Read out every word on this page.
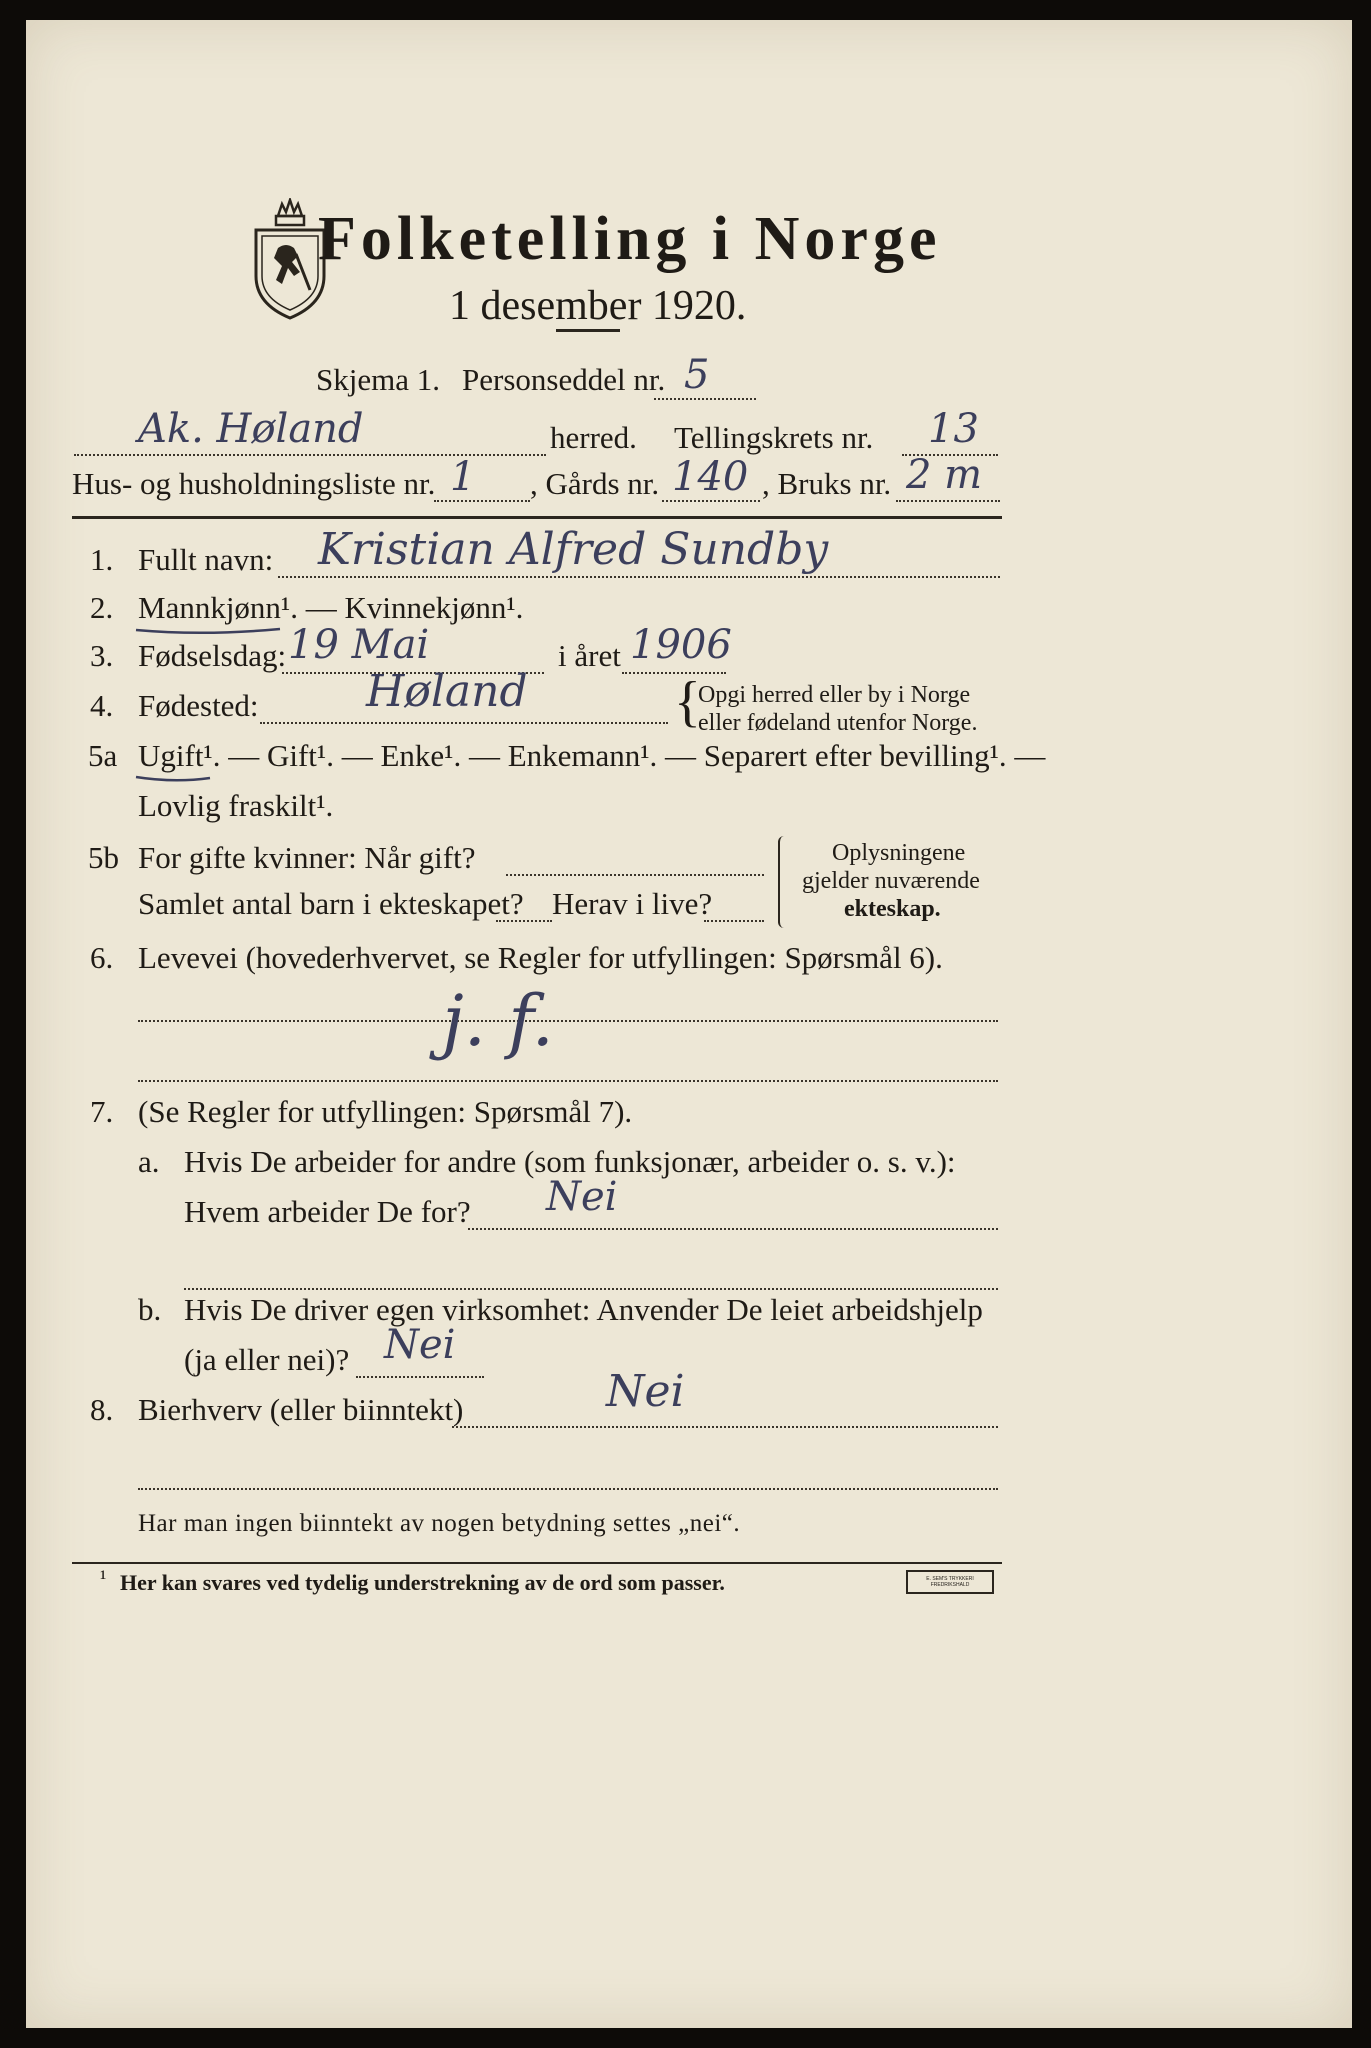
Folketelling i Norge
1 desember 1920.
Skjema 1. Personseddel nr. 5
Ak. Høland	herred. Tellingskrets nr. 13
Hus- og husholdningsliste nr. 1 , Gårds nr. 140 , Bruks nr. 2 m
1. Fullt navn: Kristian Alfred Sundby
2. Mannkjønn¹. — Kvinnekjønn¹.
3. Fødselsdag: 19 Mai	i året 1906
4. Fødested: Høland	{
Opgi herred eller by i Norge
eller fødeland utenfor Norge.
5a Ugift¹. — Gift¹. — Enke¹. — Enkemann¹. — Separert efter bevilling¹. —
Lovlig fraskilt¹.
5b For gifte kvinner: Når gift?
Samlet antal barn i ekteskapet? Herav i live?
Oplysningene
gjelder nuværende
ekteskap.
6. Levevei (hovederhvervet, se Regler for utfyllingen: Spørsmål 6).
j. f.
7. (Se Regler for utfyllingen: Spørsmål 7).
a. Hvis De arbeider for andre (som funksjonær, arbeider o. s. v.):
Hvem arbeider De for? Nei
b. Hvis De driver egen virksomhet: Anvender De leiet arbeidshjelp
(ja eller nei)? Nei
8. Bierhverv (eller biinntekt)	Nei
Har man ingen biinntekt av nogen betydning settes „nei“.
¹ Her kan svares ved tydelig understrekning av de ord som passer.	E. SEM'S TRYKKERI FREDRIKSHALD
